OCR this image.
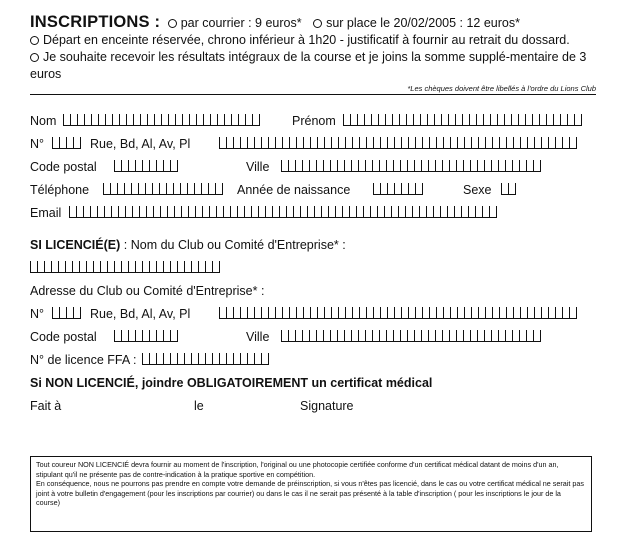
INSCRIPTIONS : par courrier : 9 euros* sur place le 20/02/2005 : 12 euros*
Départ en enceinte réservée, chrono inférieur à 1h20 - justificatif à fournir au retrait du dossard.
Je souhaite recevoir les résultats intégraux de la course et je joins la somme supplé-mentaire de 3 euros
*Les chèques doivent être libellés à l'ordre du Lions Club
Nom	Prénom
N°	Rue, Bd, Al, Av, Pl
Code postal	Ville
Téléphone	Année de naissance	Sexe
Email
SI LICENCIÉ(E) : Nom du Club ou Comité d'Entreprise* :
Adresse du Club ou Comité d'Entreprise* :
N°	Rue, Bd, Al, Av, Pl
Code postal	Ville
N° de licence FFA :
Si NON LICENCIÉ, joindre OBLIGATOIREMENT un certificat médical
Fait à	le	Signature

Tout coureur NON LICENCIÉ devra fournir au moment de l'inscription, l'original ou une photocopie certifiée conforme d'un certificat médical datant de moins d'un an, stipulant qu'il ne présente pas de contre-indication à la pratique sportive en compétition.

En conséquence, nous ne pourrons pas prendre en compte votre demande de préinscription, si vous n'êtes pas licencié, dans le cas ou votre certificat médical ne serait pas joint à votre bulletin d'engagement (pour les inscriptions par courrier) ou dans le cas il ne serait pas présenté à la table d'inscription ( pour les inscriptions le jour de la course)
